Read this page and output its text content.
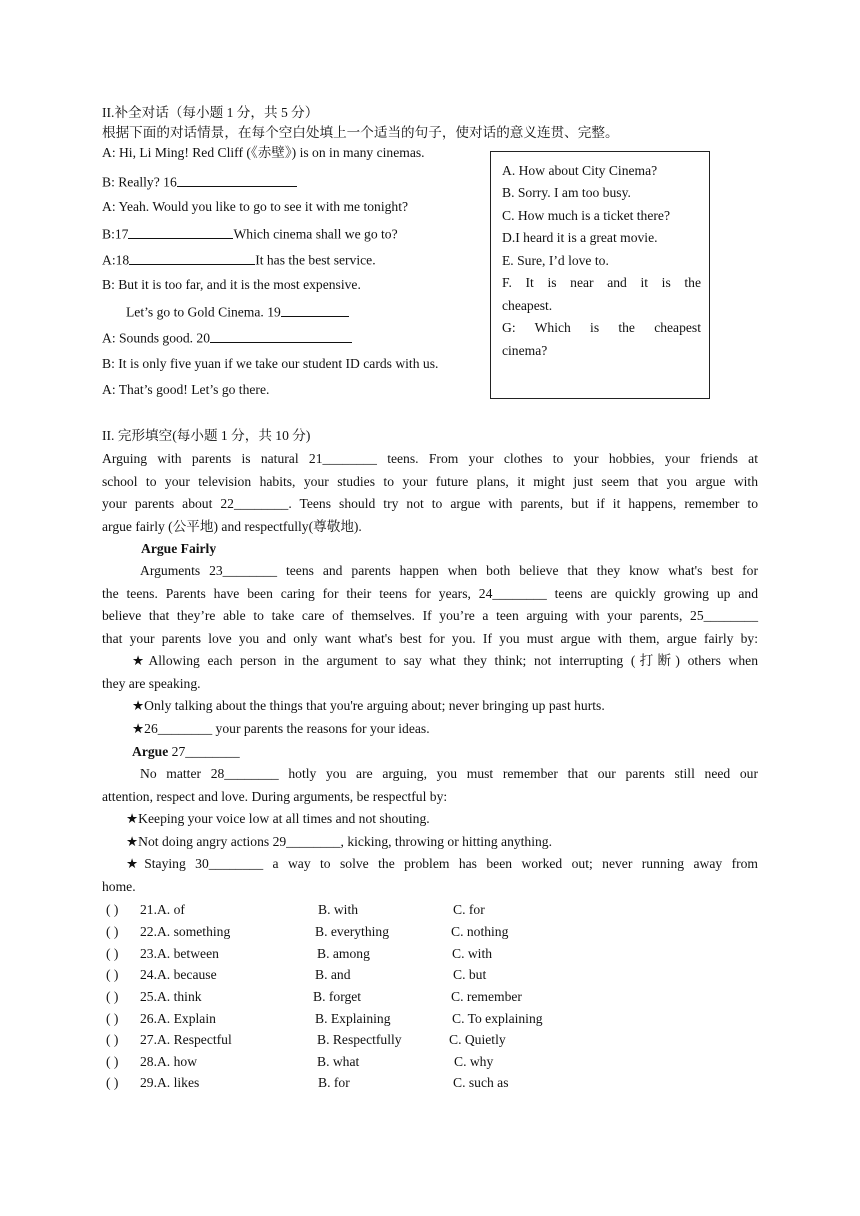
II.补全对话（每小题 1 分，共 5 分）
根据下面的对话情景，在每个空白处填上一个适当的句子，使对话的意义连贯、完整。
A: Hi, Li Ming! Red Cliff (《赤壁》) is on in many cinemas.
B: Really? 16
A: Yeah. Would you like to go to see it with me tonight?
B:17	Which cinema shall we go to?
A:18	It has the best service.
B: But it is too far, and it is the most expensive.
Let’s go to Gold Cinema. 19
A: Sounds good. 20
B: It is only five yuan if we take our student ID cards with us.
A: That’s good! Let’s go there.
A. How about City Cinema?
B. Sorry. I am too busy.
C. How much is a ticket there?
D.I heard it is a great movie.
E. Sure, I’d love to.
F. It is near and it is the
cheapest.
G: Which is the cheapest
cinema?
II. 完形填空(每小题 1 分，共 10 分)
Arguing with parents is natural 21________ teens. From your clothes to your hobbies, your friends at
school to your television habits, your studies to your future plans, it might just seem that you argue with
your parents about 22________. Teens should try not to argue with parents, but if it happens, remember to
argue fairly (公平地) and respectfully(尊敬地).
Argue Fairly
Arguments 23________ teens and parents happen when both believe that they know what's best for
the teens. Parents have been caring for their teens for years, 24________ teens are quickly growing up and
believe that they’re able to take care of themselves. If you’re a teen arguing with your parents, 25________
that your parents love you and only want what's best for you. If you must argue with them, argue fairly by:
★Allowing each person in the argument to say what they think; not interrupting (打断) others when
they are speaking.
★Only talking about the things that you're arguing about; never bringing up past hurts.
★26________ your parents the reasons for your ideas.
Argue 27________
No matter 28________ hotly you are arguing, you must remember that our parents still need our
attention, respect and love. During arguments, be respectful by:
★Keeping your voice low at all times and not shouting.
★Not doing angry actions 29________, kicking, throwing or hitting anything.
★Staying 30________ a way to solve the problem has been worked out; never running away from
home.
( ) 21.A. of	B. with	C. for
( ) 22.A. something	B. everything	C. nothing
( ) 23.A. between	B. among	C. with
( ) 24.A. because	B. and	C. but
( ) 25.A. think	B. forget	C. remember
( ) 26.A. Explain	B. Explaining	C. To explaining
( ) 27.A. Respectful	B. Respectfully	C. Quietly
( ) 28.A. how	B. what	C. why
( ) 29.A. likes	B. for	C. such as
